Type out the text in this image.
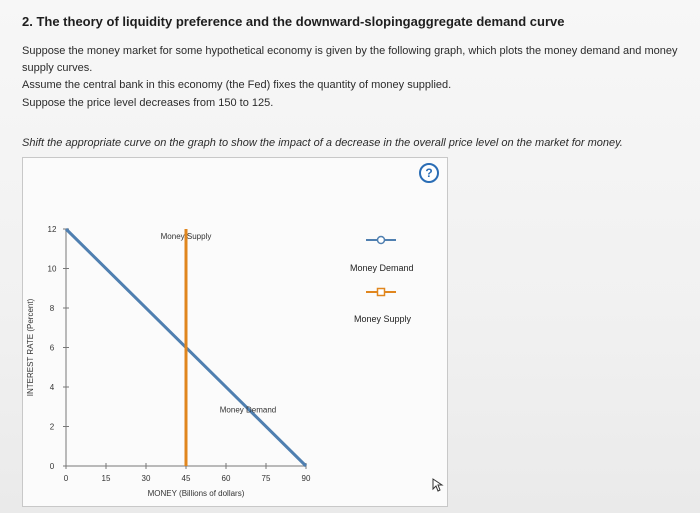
2. The theory of liquidity preference and the downward-slopingaggregate demand curve
Suppose the money market for some hypothetical economy is given by the following graph, which plots the money demand and money supply curves.
Assume the central bank in this economy (the Fed) fixes the quantity of money supplied.
Suppose the price level decreases from 150 to 125.
Shift the appropriate curve on the graph to show the impact of a decrease in the overall price level on the market for money.
?
0
2
4
6
8
10
12
0	15	30	45	60	75	90
MONEY (Billions of dollars)
INTEREST RATE (Percent)
Money Supply
Money Demand
Money Demand
Money Supply
